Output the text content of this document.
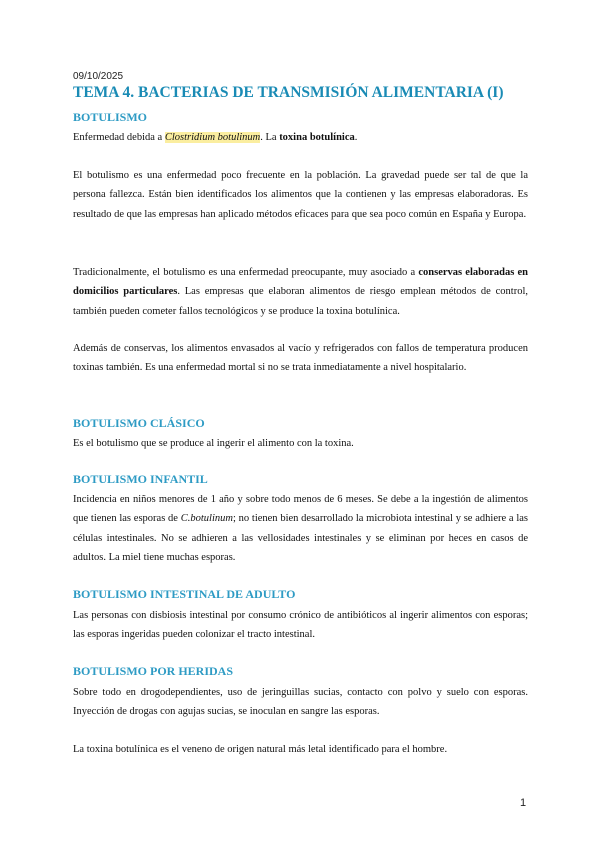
09/10/2025
TEMA 4. BACTERIAS DE TRANSMISIÓN ALIMENTARIA (I)
BOTULISMO

Enfermedad debida a Clostridium botulinum. La toxina botulínica.

El botulismo es una enfermedad poco frecuente en la población. La gravedad puede ser tal de que la persona fallezca. Están bien identificados los alimentos que la contienen y las empresas elaboradoras. Es resultado de que las empresas han aplicado métodos eficaces para que sea poco común en España y Europa.

Tradicionalmente, el botulismo es una enfermedad preocupante, muy asociado a conservas elaboradas en domicilios particulares. Las empresas que elaboran alimentos de riesgo emplean métodos de control, también pueden cometer fallos tecnológicos y se produce la toxina botulínica.

Además de conservas, los alimentos envasados al vacío y refrigerados con fallos de temperatura producen toxinas también. Es una enfermedad mortal si no se trata inmediatamente a nivel hospitalario.

BOTULISMO CLÁSICO

Es el botulismo que se produce al ingerir el alimento con la toxina.

BOTULISMO INFANTIL

Incidencia en niños menores de 1 año y sobre todo menos de 6 meses. Se debe a la ingestión de alimentos que tienen las esporas de C.botulinum; no tienen bien desarrollado la microbiota intestinal y se adhiere a las células intestinales. No se adhieren a las vellosidades intestinales y se eliminan por heces en casos de adultos. La miel tiene muchas esporas.

BOTULISMO INTESTINAL DE ADULTO

Las personas con disbiosis intestinal por consumo crónico de antibióticos al ingerir alimentos con esporas; las esporas ingeridas pueden colonizar el tracto intestinal.

BOTULISMO POR HERIDAS

Sobre todo en drogodependientes, uso de jeringuillas sucias, contacto con polvo y suelo con esporas. Inyección de drogas con agujas sucias, se inoculan en sangre las esporas.

La toxina botulínica es el veneno de origen natural más letal identificado para el hombre.

1
